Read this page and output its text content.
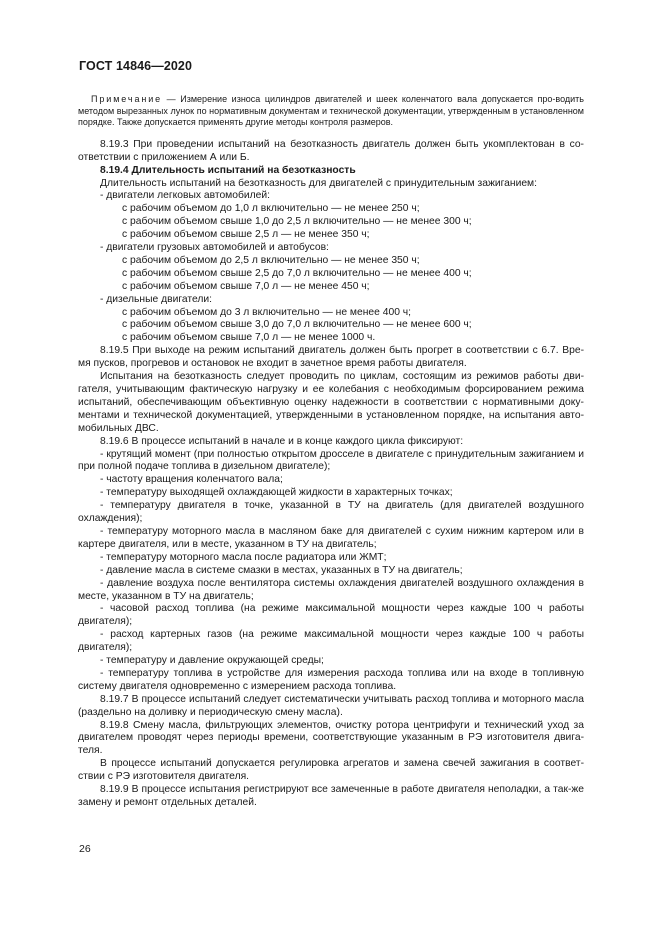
ГОСТ 14846—2020

Примечание — Измерение износа цилиндров двигателей и шеек коленчатого вала допускается про-водить методом вырезанных лунок по нормативным документам и технической документации, утвержденным в установленном порядке. Также допускается применять другие методы контроля размеров.

8.19.3 При проведении испытаний на безотказность двигатель должен быть укомплектован в со-ответствии с приложением А или Б.

8.19.4 Длительность испытаний на безотказность

Длительность испытаний на безотказность для двигателей с принудительным зажиганием:

- двигатели легковых автомобилей:

с рабочим объемом до 1,0 л включительно — не менее 250 ч;

с рабочим объемом свыше 1,0 до 2,5 л включительно — не менее 300 ч;

с рабочим объемом свыше 2,5 л — не менее 350 ч;

- двигатели грузовых автомобилей и автобусов:

с рабочим объемом до 2,5 л включительно — не менее 350 ч;

с рабочим объемом свыше 2,5 до 7,0 л включительно — не менее 400 ч;

с рабочим объемом свыше 7,0 л — не менее 450 ч;

- дизельные двигатели:

с рабочим объемом до 3 л включительно — не менее 400 ч;

с рабочим объемом свыше 3,0 до 7,0 л включительно — не менее 600 ч;

с рабочим объемом свыше 7,0 л — не менее 1000 ч.

8.19.5 При выходе на режим испытаний двигатель должен быть прогрет в соответствии с 6.7. Вре-мя пусков, прогревов и остановок не входит в зачетное время работы двигателя.

Испытания на безотказность следует проводить по циклам, состоящим из режимов работы дви-гателя, учитывающим фактическую нагрузку и ее колебания с необходимым форсированием режима испытаний, обеспечивающим объективную оценку надежности в соответствии с нормативными доку-ментами и технической документацией, утвержденными в установленном порядке, на испытания авто-мобильных ДВС.

8.19.6 В процессе испытаний в начале и в конце каждого цикла фиксируют:

- крутящий момент (при полностью открытом дросселе в двигателе с принудительным зажиганием и при полной подаче топлива в дизельном двигателе);

- частоту вращения коленчатого вала;

- температуру выходящей охлаждающей жидкости в характерных точках;

- температуру двигателя в точке, указанной в ТУ на двигатель (для двигателей воздушного охлаждения);

- температуру моторного масла в масляном баке для двигателей с сухим нижним картером или в картере двигателя, или в месте, указанном в ТУ на двигатель;

- температуру моторного масла после радиатора или ЖМТ;

- давление масла в системе смазки в местах, указанных в ТУ на двигатель;

- давление воздуха после вентилятора системы охлаждения двигателей воздушного охлаждения в месте, указанном в ТУ на двигатель;

- часовой расход топлива (на режиме максимальной мощности через каждые 100 ч работы двигателя);

- расход картерных газов (на режиме максимальной мощности через каждые 100 ч работы двигателя);

- температуру и давление окружающей среды;

- температуру топлива в устройстве для измерения расхода топлива или на входе в топливную систему двигателя одновременно с измерением расхода топлива.

8.19.7 В процессе испытаний следует систематически учитывать расход топлива и моторного масла (раздельно на доливку и периодическую смену масла).

8.19.8 Смену масла, фильтрующих элементов, очистку ротора центрифуги и технический уход за двигателем проводят через периоды времени, соответствующие указанным в РЭ изготовителя двига-теля.

В процессе испытаний допускается регулировка агрегатов и замена свечей зажигания в соответ-ствии с РЭ изготовителя двигателя.

8.19.9 В процессе испытания регистрируют все замеченные в работе двигателя неполадки, а так-же замену и ремонт отдельных деталей.

26
